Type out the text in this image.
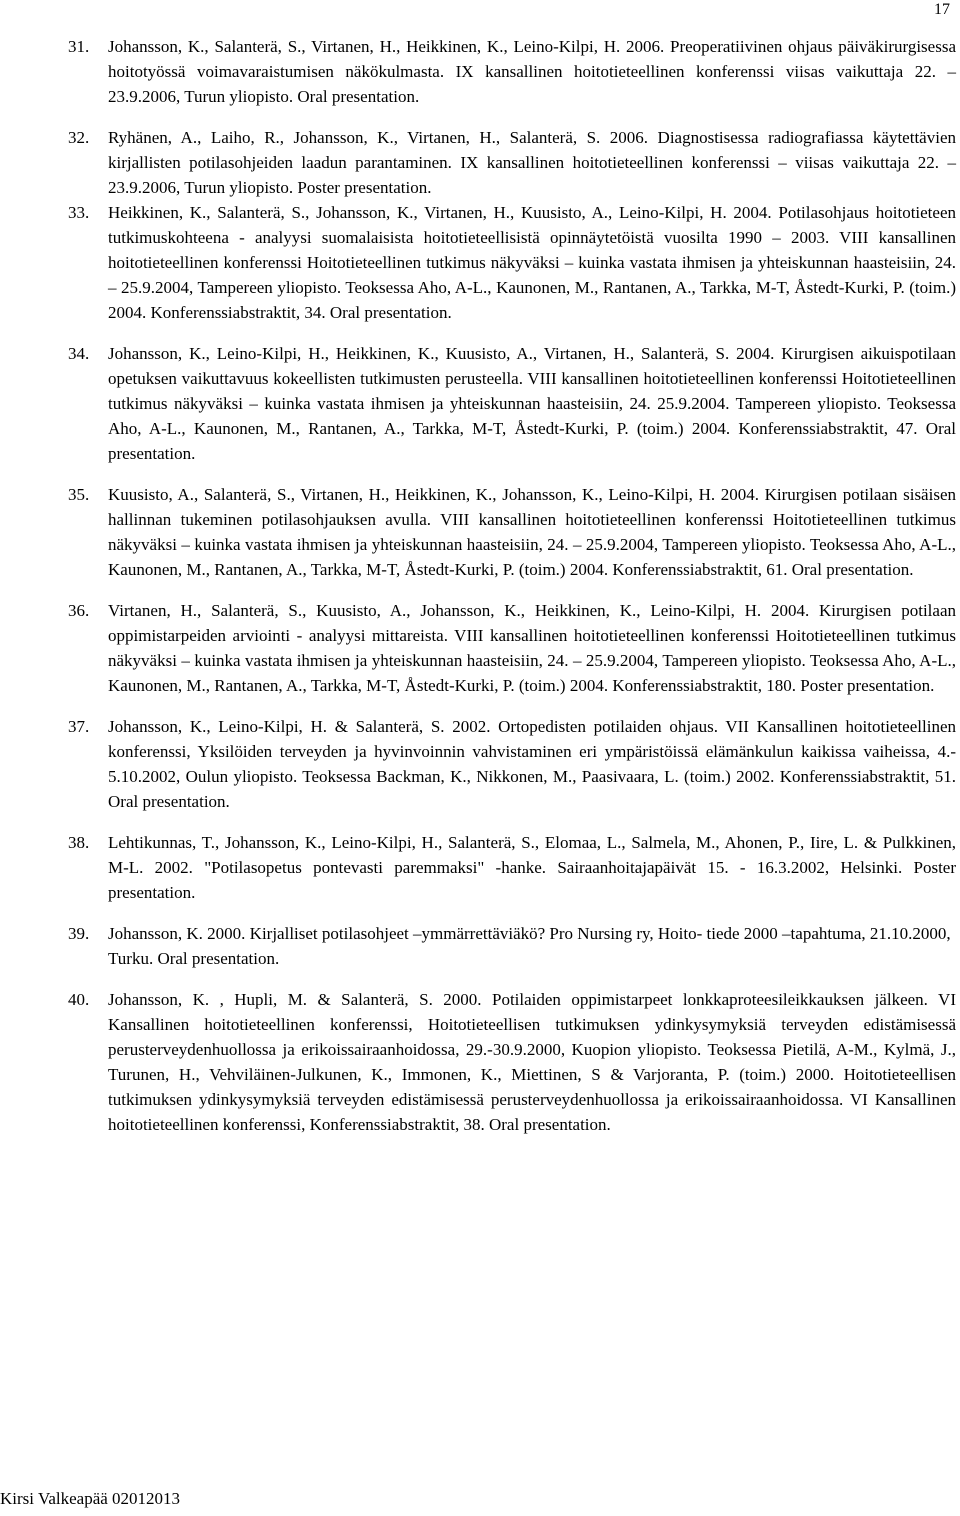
17
31.	Johansson, K., Salanterä, S., Virtanen, H., Heikkinen, K., Leino-Kilpi, H. 2006. Preoperatiivinen ohjaus päiväkirurgisessa hoitotyössä voimavaraistumisen näkökulmasta. IX kansallinen hoitotieteellinen konferenssi viisas vaikuttaja 22. – 23.9.2006, Turun yliopisto. Oral presentation.
32.	Ryhänen, A., Laiho, R., Johansson, K., Virtanen, H., Salanterä, S. 2006. Diagnostisessa radiografiassa käytettävien kirjallisten potilasohjeiden laadun parantaminen. IX kansallinen hoitotieteellinen konferenssi – viisas vaikuttaja 22. – 23.9.2006, Turun yliopisto. Poster presentation.
33.	Heikkinen, K., Salanterä, S., Johansson, K., Virtanen, H., Kuusisto, A., Leino-Kilpi, H. 2004. Potilasohjaus hoitotieteen tutkimuskohteena - analyysi suomalaisista hoitotieteellisistä opinnäytetöistä vuosilta 1990 – 2003. VIII kansallinen hoitotieteellinen konferenssi Hoitotieteellinen tutkimus näkyväksi – kuinka vastata ihmisen ja yhteiskunnan haasteisiin, 24. – 25.9.2004, Tampereen yliopisto. Teoksessa Aho, A-L., Kaunonen, M., Rantanen, A., Tarkka, M-T, Åstedt-Kurki, P. (toim.) 2004. Konferenssiabstraktit, 34. Oral presentation.
34.	Johansson, K., Leino-Kilpi, H., Heikkinen, K., Kuusisto, A., Virtanen, H., Salanterä, S. 2004. Kirurgisen aikuispotilaan opetuksen vaikuttavuus kokeellisten tutkimusten perusteella. VIII kansallinen hoitotieteellinen konferenssi Hoitotieteellinen tutkimus näkyväksi – kuinka vastata ihmisen ja yhteiskunnan haasteisiin, 24. 25.9.2004. Tampereen yliopisto. Teoksessa Aho, A-L., Kaunonen, M., Rantanen, A., Tarkka, M-T, Åstedt-Kurki, P. (toim.) 2004. Konferenssiabstraktit, 47. Oral presentation.
35.	Kuusisto, A., Salanterä, S., Virtanen, H., Heikkinen, K., Johansson, K., Leino-Kilpi, H. 2004. Kirurgisen potilaan sisäisen hallinnan tukeminen potilasohjauksen avulla. VIII kansallinen hoitotieteellinen konferenssi Hoitotieteellinen tutkimus näkyväksi – kuinka vastata ihmisen ja yhteiskunnan haasteisiin, 24. – 25.9.2004, Tampereen yliopisto. Teoksessa Aho, A-L., Kaunonen, M., Rantanen, A., Tarkka, M-T, Åstedt-Kurki, P. (toim.) 2004. Konferenssiabstraktit, 61. Oral presentation.
36.	Virtanen, H., Salanterä, S., Kuusisto, A., Johansson, K., Heikkinen, K., Leino-Kilpi, H. 2004. Kirurgisen potilaan oppimistarpeiden arviointi - analyysi mittareista. VIII kansallinen hoitotieteellinen konferenssi Hoitotieteellinen tutkimus näkyväksi – kuinka vastata ihmisen ja yhteiskunnan haasteisiin, 24. – 25.9.2004, Tampereen yliopisto. Teoksessa Aho, A-L., Kaunonen, M., Rantanen, A., Tarkka, M-T, Åstedt-Kurki, P. (toim.) 2004. Konferenssiabstraktit, 180. Poster presentation.
37.	Johansson, K., Leino-Kilpi, H. & Salanterä, S. 2002. Ortopedisten potilaiden ohjaus. VII Kansallinen hoitotieteellinen konferenssi, Yksilöiden terveyden ja hyvinvoinnin vahvistaminen eri ympäristöissä elämänkulun kaikissa vaiheissa, 4.- 5.10.2002, Oulun yliopisto. Teoksessa Backman, K., Nikkonen, M., Paasivaara, L. (toim.) 2002. Konferenssiabstraktit, 51. Oral presentation.
38.	Lehtikunnas, T., Johansson, K., Leino-Kilpi, H., Salanterä, S., Elomaa, L., Salmela, M., Ahonen, P., Iire, L. & Pulkkinen, M-L. 2002. "Potilasopetus pontevasti paremmaksi" -hanke. Sairaanhoitajapäivät 15. - 16.3.2002, Helsinki. Poster presentation.
39.	Johansson, K. 2000. Kirjalliset potilasohjeet –ymmärrettäviäkö? Pro Nursing ry, Hoito- tiede 2000 –tapahtuma, 21.10.2000, Turku. Oral presentation.
40.	Johansson, K. , Hupli, M. & Salanterä, S. 2000. Potilaiden oppimistarpeet lonkkaproteesileikkauksen jälkeen. VI Kansallinen hoitotieteellinen konferenssi, Hoitotieteellisen tutkimuksen ydinkysymyksiä terveyden edistämisessä perusterveydenhuollossa ja erikoissairaanhoidossa, 29.-30.9.2000, Kuopion yliopisto. Teoksessa Pietilä, A-M., Kylmä, J., Turunen, H., Vehviläinen-Julkunen, K., Immonen, K., Miettinen, S & Varjoranta, P. (toim.) 2000. Hoitotieteellisen tutkimuksen ydinkysymyksiä terveyden edistämisessä perusterveydenhuollossa ja erikoissairaanhoidossa. VI Kansallinen hoitotieteellinen konferenssi, Konferenssiabstraktit, 38. Oral presentation.
Kirsi Valkeapää 02012013
